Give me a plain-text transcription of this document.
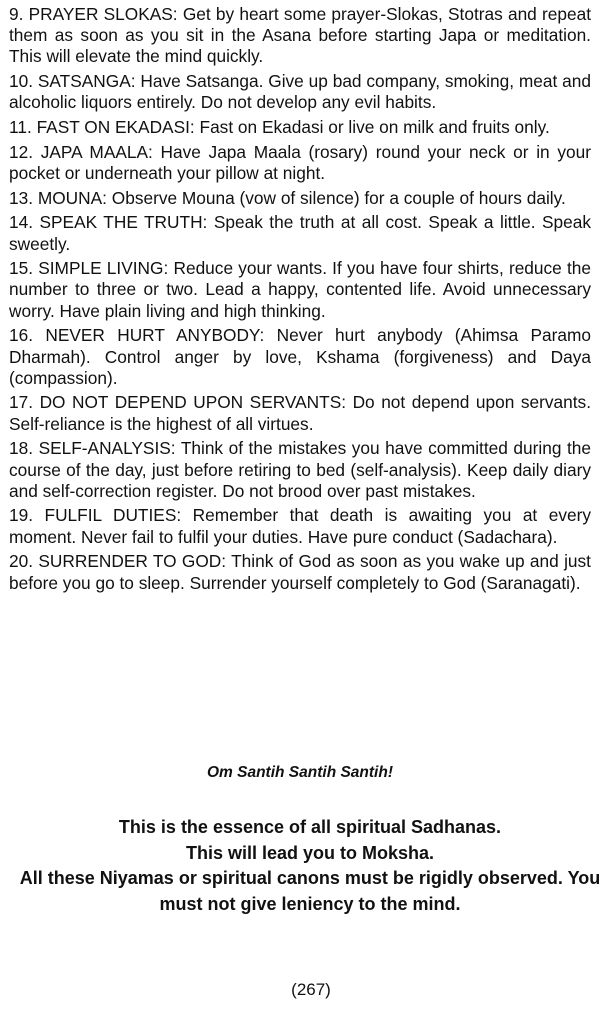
9. PRAYER SLOKAS: Get by heart some prayer-Slokas, Stotras and repeat them as soon as you sit in the Asana before starting Japa or meditation. This will elevate the mind quickly.

10. SATSANGA: Have Satsanga. Give up bad company, smoking, meat and alcoholic liquors entirely. Do not develop any evil habits.

11. FAST ON EKADASI: Fast on Ekadasi or live on milk and fruits only.

12. JAPA MAALA: Have Japa Maala (rosary) round your neck or in your pocket or underneath your pillow at night.

13. MOUNA: Observe Mouna (vow of silence) for a couple of hours daily.

14. SPEAK THE TRUTH: Speak the truth at all cost. Speak a little. Speak sweetly.

15. SIMPLE LIVING: Reduce your wants. If you have four shirts, reduce the number to three or two. Lead a happy, contented life. Avoid unnecessary worry. Have plain living and high thinking.

16. NEVER HURT ANYBODY: Never hurt anybody (Ahimsa Paramo Dharmah). Control anger by love, Kshama (forgiveness) and Daya (compassion).

17. DO NOT DEPEND UPON SERVANTS: Do not depend upon servants. Self-reliance is the highest of all virtues.

18. SELF-ANALYSIS: Think of the mistakes you have committed during the course of the day, just before retiring to bed (self-analysis). Keep daily diary and self-correction register. Do not brood over past mistakes.

19. FULFIL DUTIES: Remember that death is awaiting you at every moment. Never fail to fulfil your duties. Have pure conduct (Sadachara).

20. SURRENDER TO GOD: Think of God as soon as you wake up and just before you go to sleep. Surrender yourself completely to God (Saranagati).

Om Santih Santih Santih!
This is the essence of all spiritual Sadhanas.
This will lead you to Moksha.
All these Niyamas or spiritual canons must be rigidly observed. You must not give leniency to the mind.
(267)
